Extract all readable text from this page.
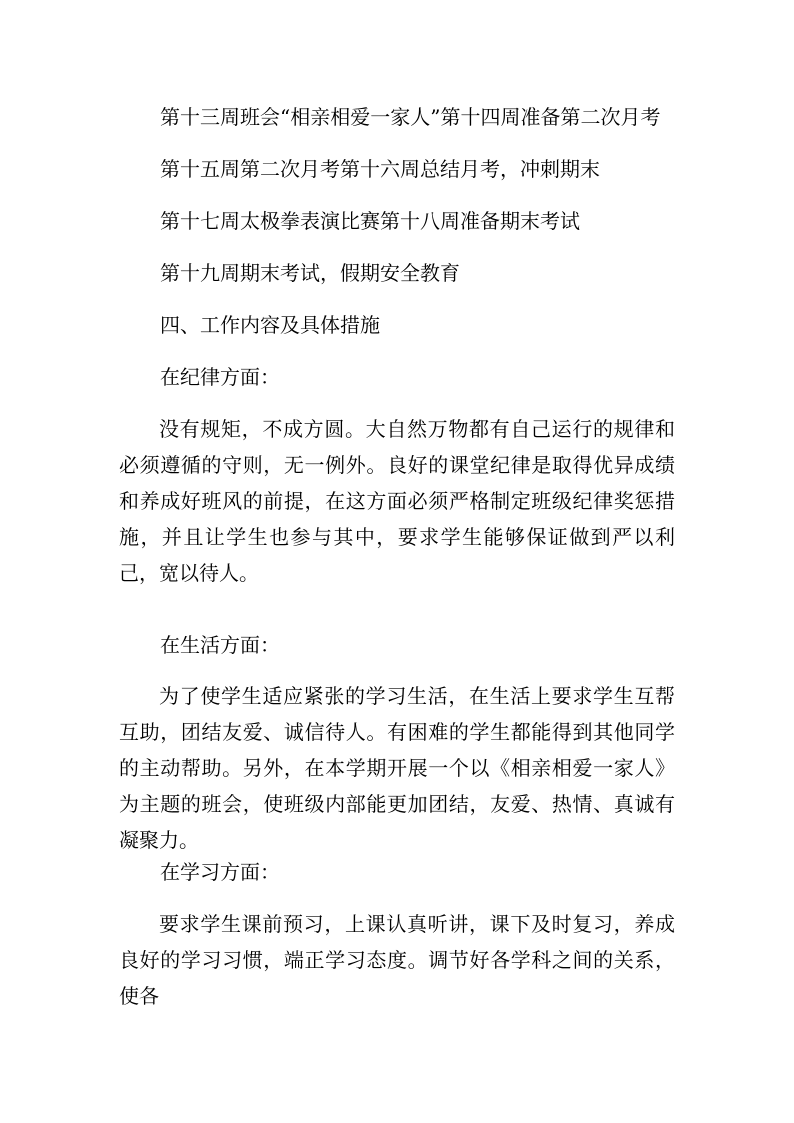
第十三周班会“相亲相爱一家人”第十四周准备第二次月考
第十五周第二次月考第十六周总结月考，冲刺期末
第十七周太极拳表演比赛第十八周准备期末考试
第十九周期末考试，假期安全教育
四、工作内容及具体措施
在纪律方面：
没有规矩，不成方圆。大自然万物都有自己运行的规律和必须遵循的守则，无一例外。良好的课堂纪律是取得优异成绩和养成好班风的前提，在这方面必须严格制定班级纪律奖惩措施，并且让学生也参与其中，要求学生能够保证做到严以利己，宽以待人。
在生活方面：
为了使学生适应紧张的学习生活，在生活上要求学生互帮互助，团结友爱、诚信待人。有困难的学生都能得到其他同学的主动帮助。另外，在本学期开展一个以《相亲相爱一家人》为主题的班会，使班级内部能更加团结，友爱、热情、真诚有凝聚力。
在学习方面：
要求学生课前预习，上课认真听讲，课下及时复习，养成良好的学习习惯，端正学习态度。调节好各学科之间的关系，使各
